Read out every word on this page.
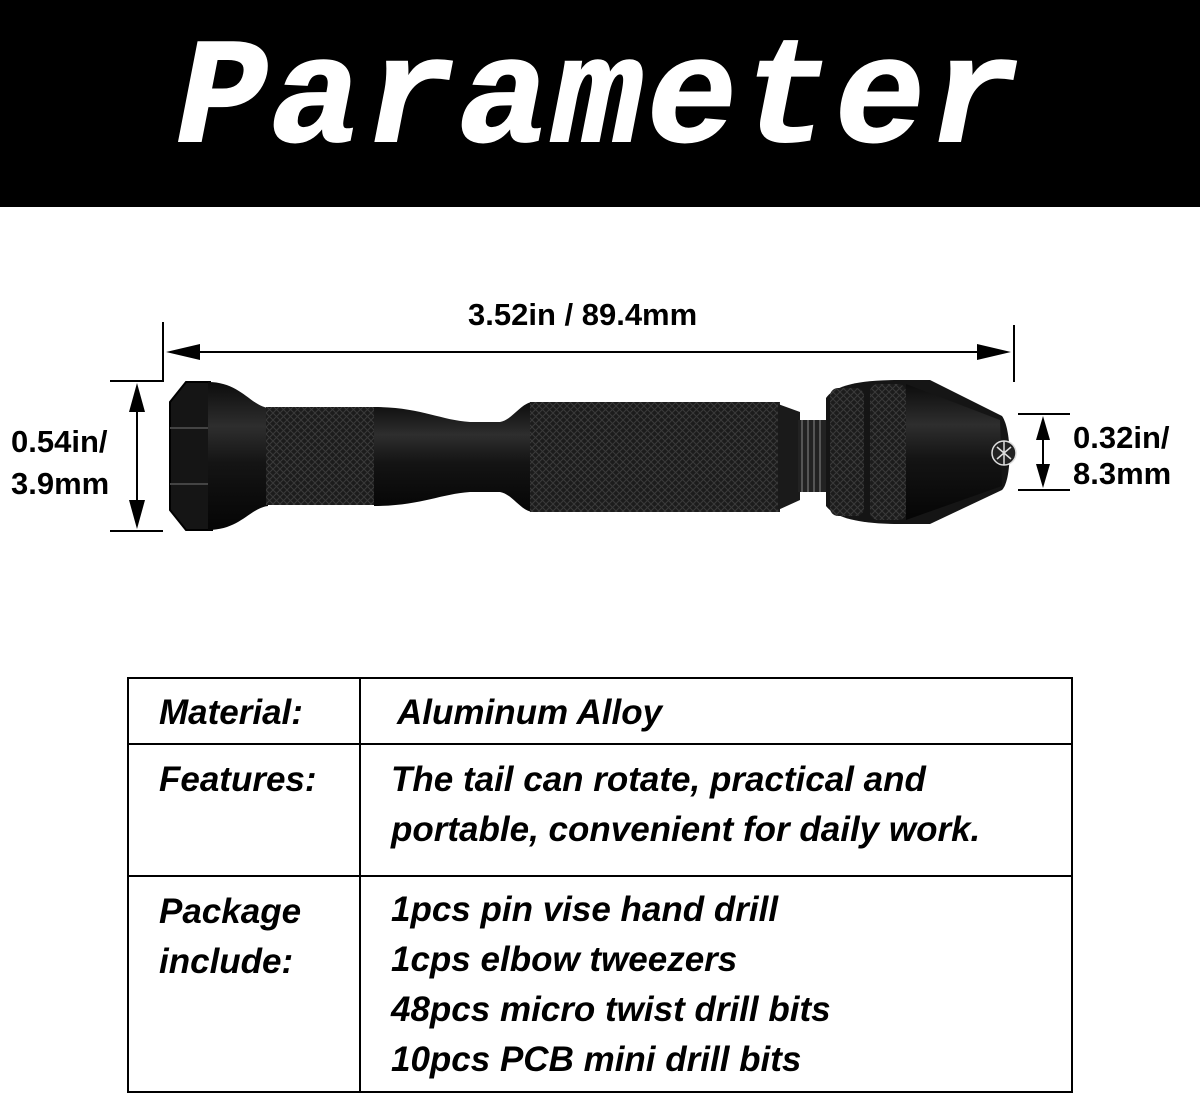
Parameter
3.52in / 89.4mm
0.54in/
3.9mm
0.32in/
8.3mm
Material:	Aluminum Alloy

Features:	The tail can rotate, practical and
portable, convenient for daily work.

Package
include:	1pcs pin vise hand drill
1cps elbow tweezers
48pcs micro twist drill bits
10pcs PCB mini drill bits
